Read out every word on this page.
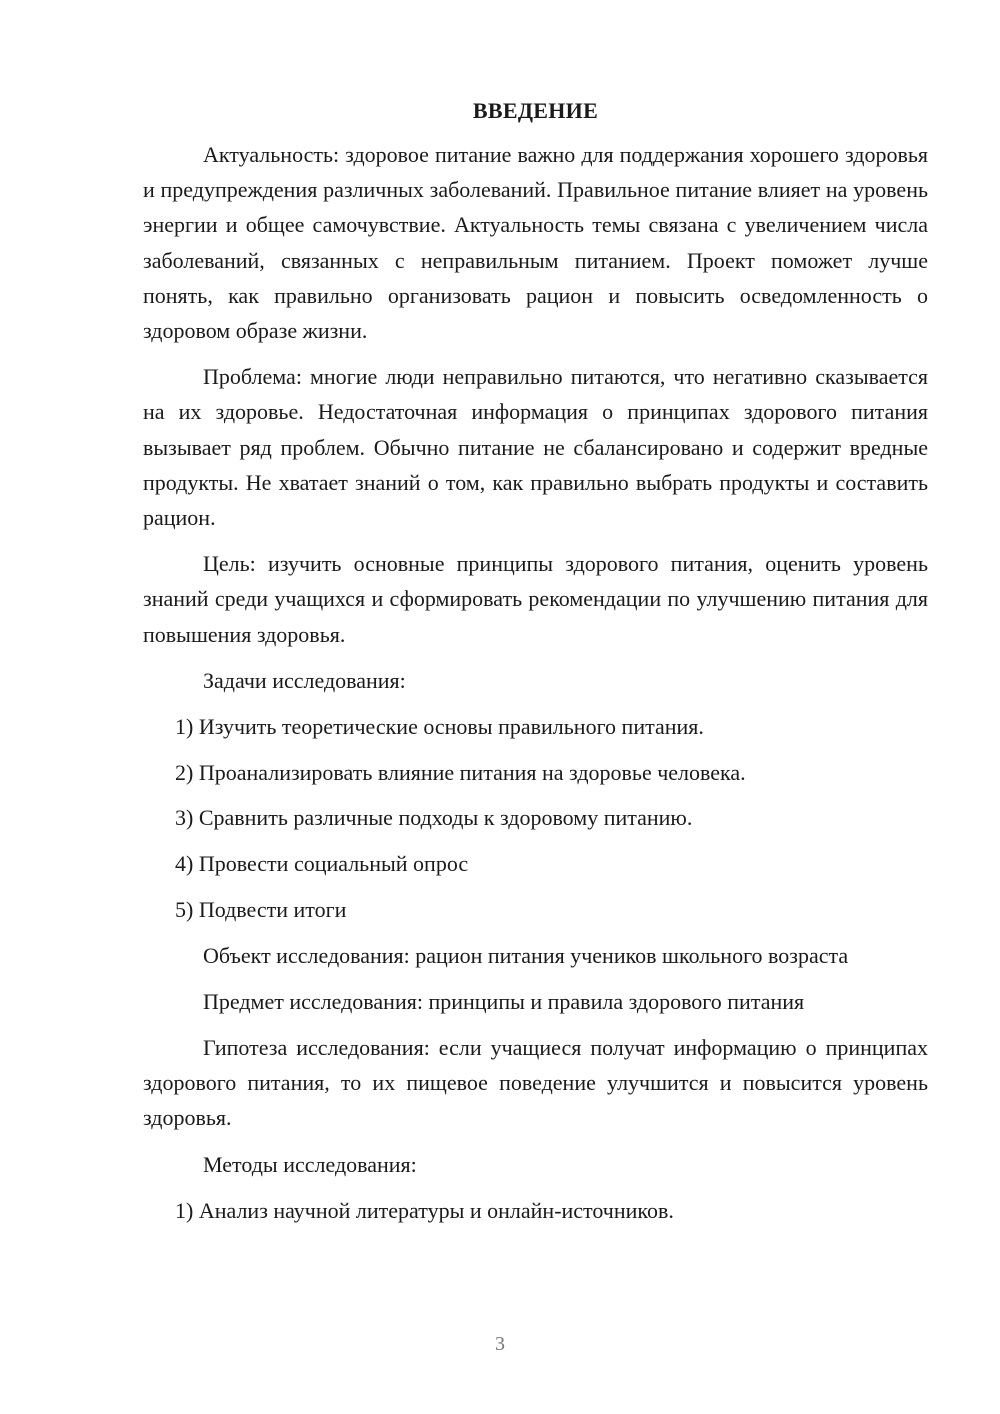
ВВЕДЕНИЕ

Актуальность: здоровое питание важно для поддержания хорошего здоровья и предупреждения различных заболеваний. Правильное питание влияет на уровень энергии и общее самочувствие. Актуальность темы связана с увеличением числа заболеваний, связанных с неправильным питанием. Проект поможет лучше понять, как правильно организовать рацион и повысить осведомленность о здоровом образе жизни.

Проблема: многие люди неправильно питаются, что негативно сказывается на их здоровье. Недостаточная информация о принципах здорового питания вызывает ряд проблем. Обычно питание не сбалансировано и содержит вредные продукты. Не хватает знаний о том, как правильно выбрать продукты и составить рацион.

Цель: изучить основные принципы здорового питания, оценить уровень знаний среди учащихся и сформировать рекомендации по улучшению питания для повышения здоровья.

Задачи исследования:

1) Изучить теоретические основы правильного питания.

2) Проанализировать влияние питания на здоровье человека.

3) Сравнить различные подходы к здоровому питанию.

4) Провести социальный опрос

5) Подвести итоги

Объект исследования: рацион питания учеников школьного возраста

Предмет исследования: принципы и правила здорового питания

Гипотеза исследования: если учащиеся получат информацию о принципах здорового питания, то их пищевое поведение улучшится и повысится уровень здоровья.

Методы исследования:

1) Анализ научной литературы и онлайн-источников.

3
